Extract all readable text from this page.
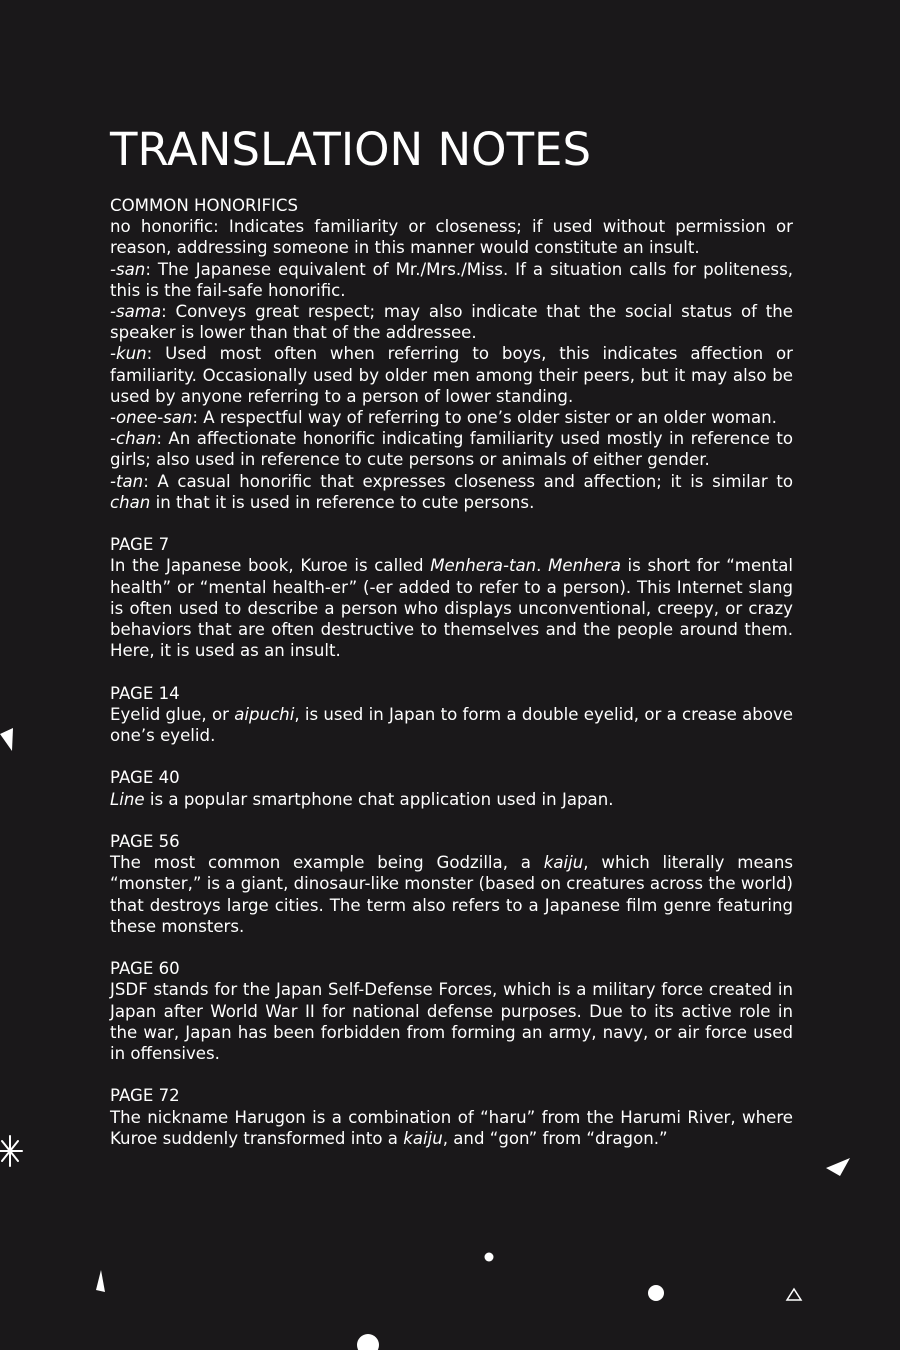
TRANSLATION NOTES
COMMON HONORIFICS
no honorific: Indicates familiarity or closeness; if used without permission or reason, addressing someone in this manner would constitute an insult.
-san: The Japanese equivalent of Mr./Mrs./Miss. If a situation calls for politeness, this is the fail-safe honorific.
-sama: Conveys great respect; may also indicate that the social status of the speaker is lower than that of the addressee.
-kun: Used most often when referring to boys, this indicates affection or familiarity. Occasionally used by older men among their peers, but it may also be used by anyone referring to a person of lower standing.
-onee-san: A respectful way of referring to one’s older sister or an older woman.
-chan: An affectionate honorific indicating familiarity used mostly in reference to girls; also used in reference to cute persons or animals of either gender.
-tan: A casual honorific that expresses closeness and affection; it is similar to chan in that it is used in reference to cute persons.
PAGE 7
In the Japanese book, Kuroe is called Menhera-tan. Menhera is short for “mental health” or “mental health-er” (-er added to refer to a person). This Internet slang is often used to describe a person who displays unconventional, creepy, or crazy behaviors that are often destructive to themselves and the people around them. Here, it is used as an insult.
PAGE 14
Eyelid glue, or aipuchi, is used in Japan to form a double eyelid, or a crease above one’s eyelid.
PAGE 40
Line is a popular smartphone chat application used in Japan.
PAGE 56
The most common example being Godzilla, a kaiju, which literally means “monster,” is a giant, dinosaur-like monster (based on creatures across the world) that destroys large cities. The term also refers to a Japanese film genre featuring these monsters.
PAGE 60
JSDF stands for the Japan Self-Defense Forces, which is a military force created in Japan after World War II for national defense purposes. Due to its active role in the war, Japan has been forbidden from forming an army, navy, or air force used in offensives.
PAGE 72
The nickname Harugon is a combination of “haru” from the Harumi River, where Kuroe suddenly transformed into a kaiju, and “gon” from “dragon.”
